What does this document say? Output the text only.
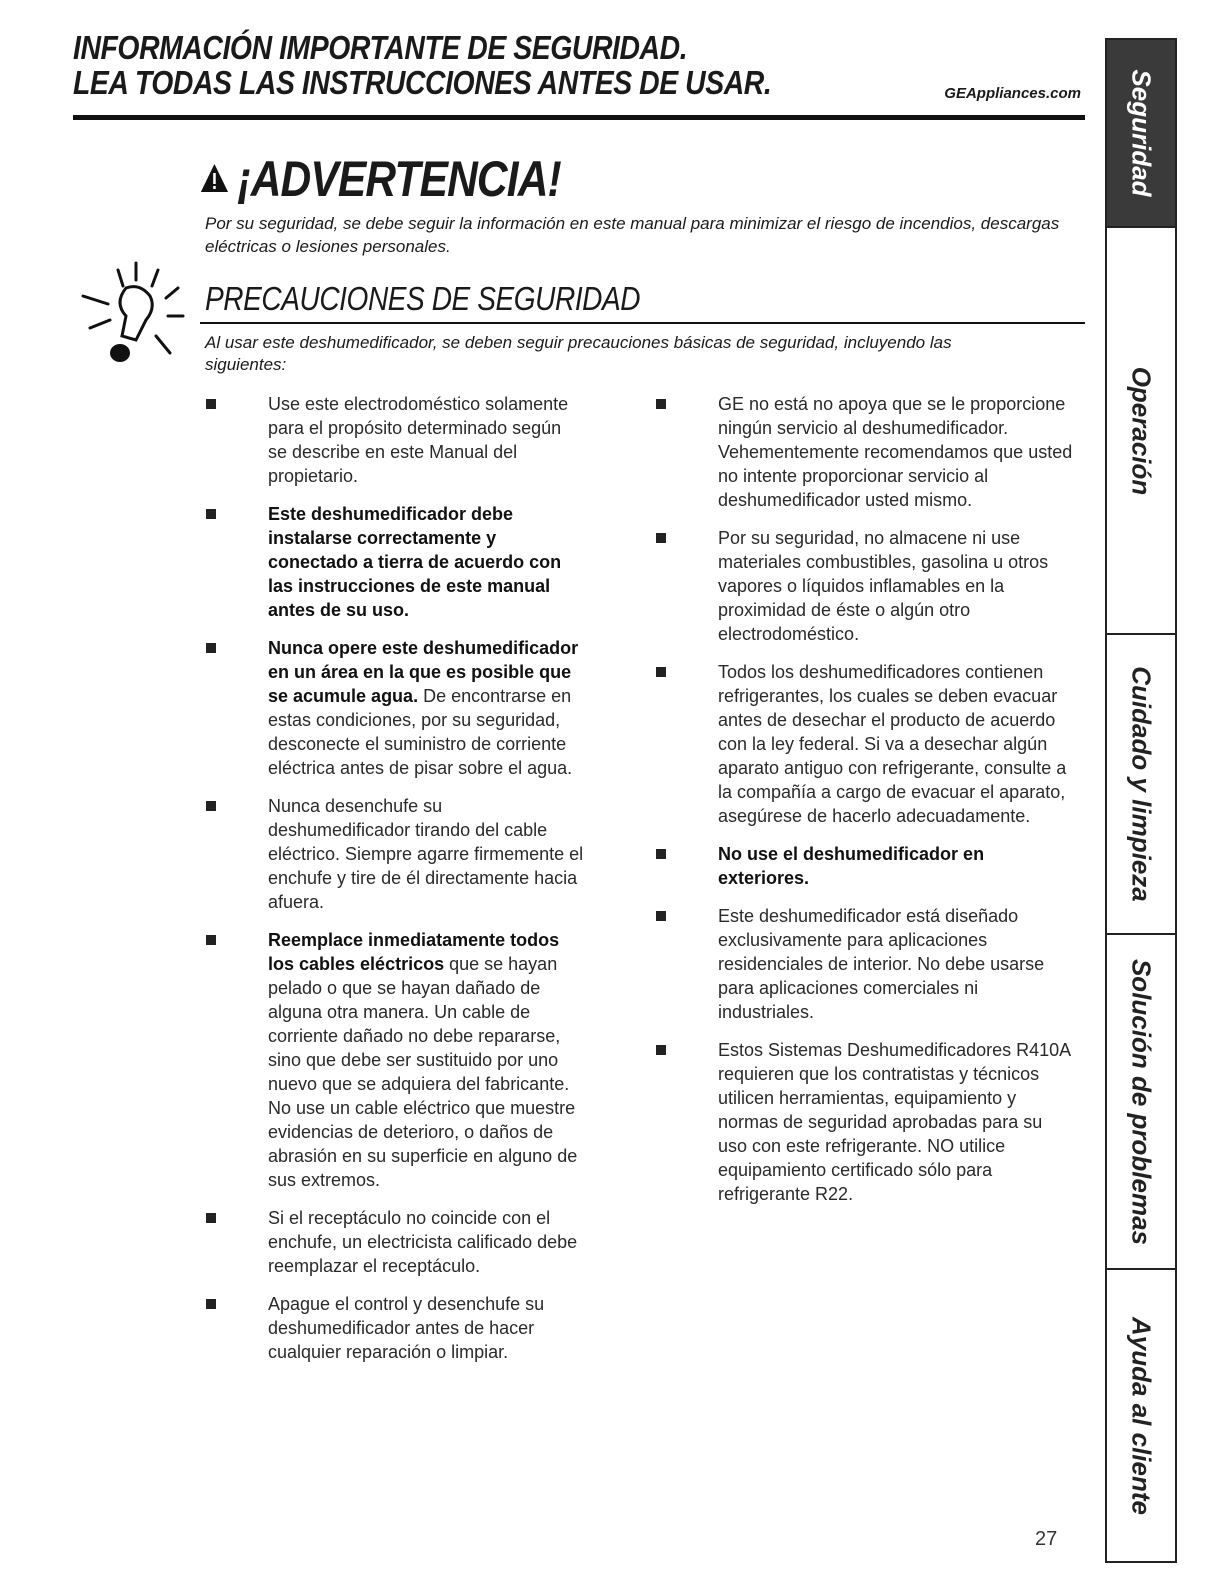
INFORMACIÓN IMPORTANTE DE SEGURIDAD.
LEA TODAS LAS INSTRUCCIONES ANTES DE USAR.	GEAppliances.com
¡ADVERTENCIA!
Por su seguridad, se debe seguir la información en este manual para minimizar el riesgo de incendios, descargas eléctricas o lesiones personales.
PRECAUCIONES DE SEGURIDAD
Al usar este deshumedificador, se deben seguir precauciones básicas de seguridad, incluyendo las siguientes:
Use este electrodoméstico solamente para el propósito determinado según se describe en este Manual del propietario.
Este deshumedificador debe instalarse correctamente y conectado a tierra de acuerdo con las instrucciones de este manual antes de su uso.
Nunca opere este deshumedificador en un área en la que es posible que se acumule agua. De encontrarse en estas condiciones, por su seguridad, desconecte el suministro de corriente eléctrica antes de pisar sobre el agua.
Nunca desenchufe su deshumedificador tirando del cable eléctrico. Siempre agarre firmemente el enchufe y tire de él directamente hacia afuera.
Reemplace inmediatamente todos los cables eléctricos que se hayan pelado o que se hayan dañado de alguna otra manera. Un cable de corriente dañado no debe repararse, sino que debe ser sustituido por uno nuevo que se adquiera del fabricante. No use un cable eléctrico que muestre evidencias de deterioro, o daños de abrasión en su superficie en alguno de sus extremos.
Si el receptáculo no coincide con el enchufe, un electricista calificado debe reemplazar el receptáculo.
Apague el control y desenchufe su deshumedificador antes de hacer cualquier reparación o limpiar.
GE no está no apoya que se le proporcione ningún servicio al deshumedificador. Vehementemente recomendamos que usted no intente proporcionar servicio al deshumedificador usted mismo.
Por su seguridad, no almacene ni use materiales combustibles, gasolina u otros vapores o líquidos inflamables en la proximidad de éste o algún otro electrodoméstico.
Todos los deshumedificadores contienen refrigerantes, los cuales se deben evacuar antes de desechar el producto de acuerdo con la ley federal. Si va a desechar algún aparato antiguo con refrigerante, consulte a la compañía a cargo de evacuar el aparato, asegúrese de hacerlo adecuadamente.
No use el deshumedificador en exteriores.
Este deshumedificador está diseñado exclusivamente para aplicaciones residenciales de interior. No debe usarse para aplicaciones comerciales ni industriales.
Estos Sistemas Deshumedificadores R410A requieren que los contratistas y técnicos utilicen herramientas, equipamiento y normas de seguridad aprobadas para su uso con este refrigerante. NO utilice equipamiento certificado sólo para refrigerante R22.
Seguridad
Operación
Cuidado y limpieza
Solución de problemas
Ayuda al cliente
27
